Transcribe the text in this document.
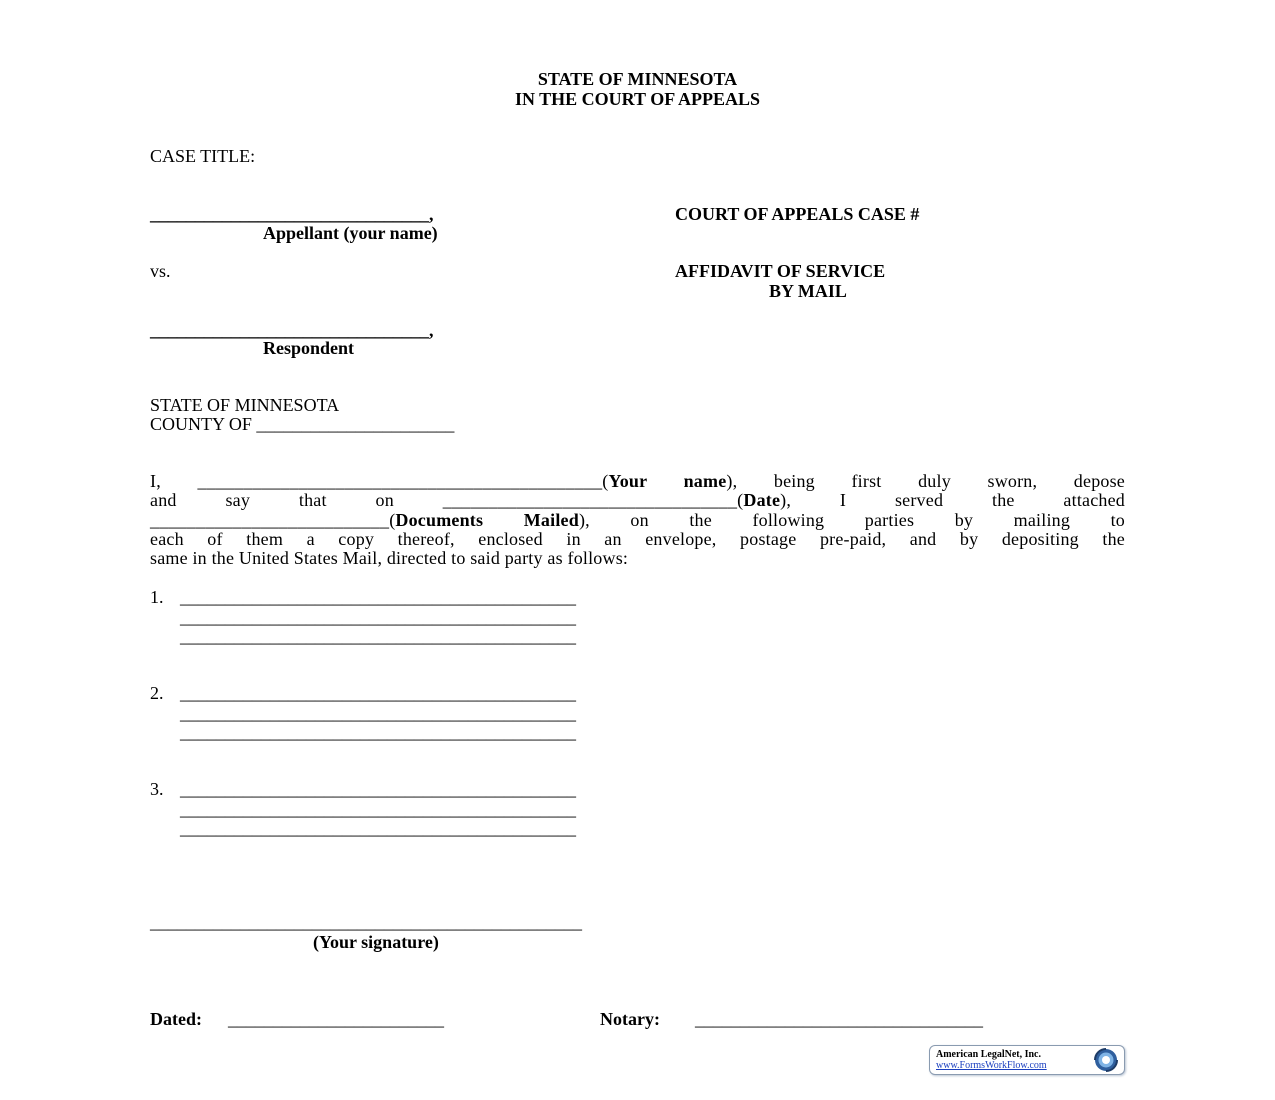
STATE OF MINNESOTA
IN THE COURT OF APPEALS
CASE TITLE:
_______________________________,
Appellant (your name)
vs.
_______________________________,
Respondent
COURT OF APPEALS CASE #
AFFIDAVIT OF SERVICE
BY MAIL
STATE OF MINNESOTA
COUNTY OF ______________________
I, ____________________________________________(Your name), being first duly sworn, depose
and say that on ________________________________(Date), I served the attached
__________________________(Documents Mailed), on the following parties by mailing to
each of them a copy thereof, enclosed in an envelope, postage pre-paid, and by depositing the
same in the United States Mail, directed to said party as follows:
1. ____________________________________________
____________________________________________
____________________________________________
2. ____________________________________________
____________________________________________
____________________________________________
3. ____________________________________________
____________________________________________
____________________________________________
________________________________________________
(Your signature)
Dated: ________________________	Notary: ________________________________
American LegalNet, Inc.
www.FormsWorkFlow.com
